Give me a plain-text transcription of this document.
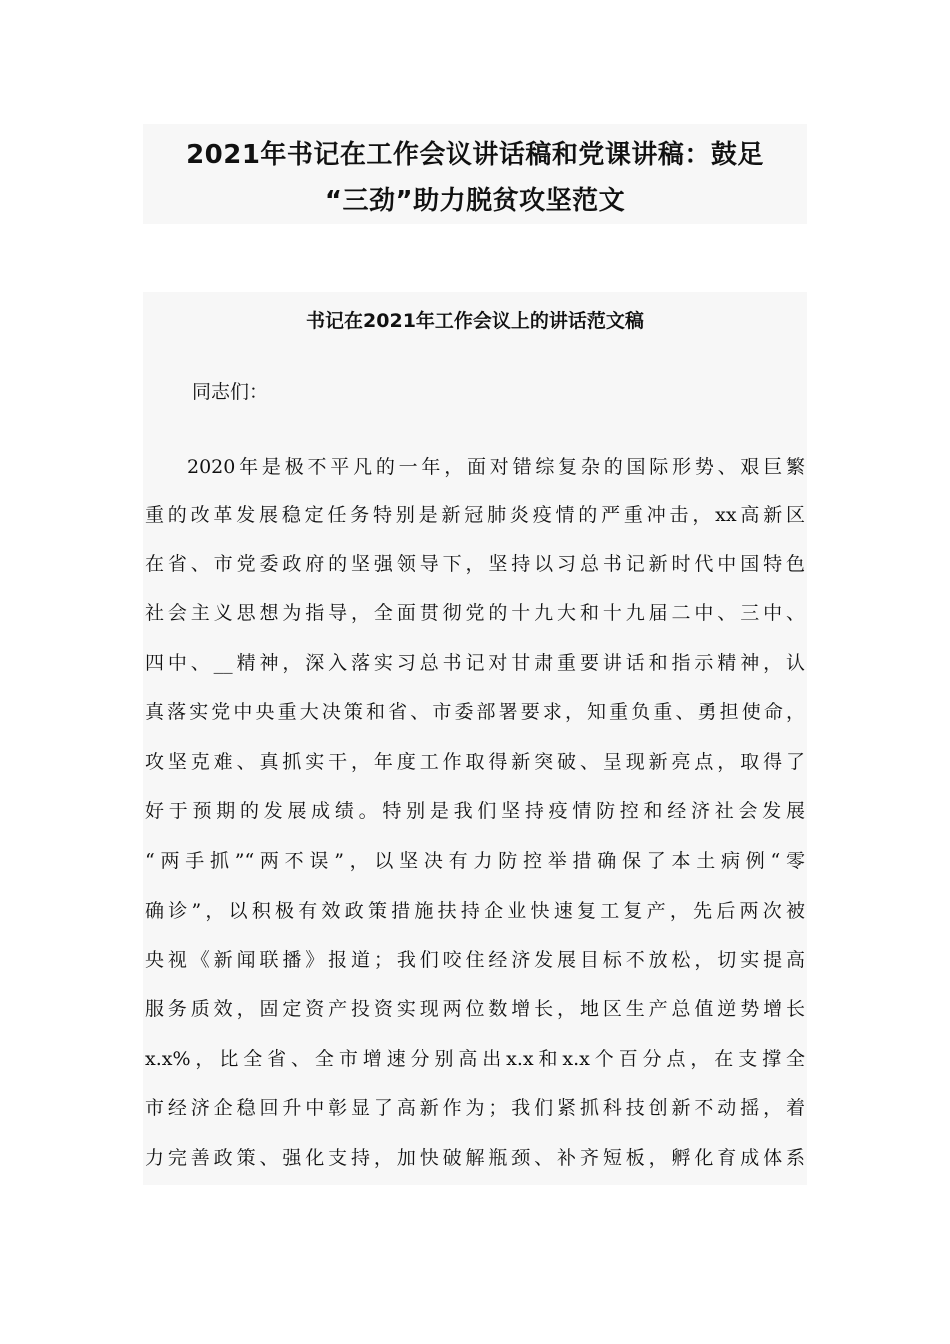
2021年书记在工作会议讲话稿和党课讲稿：鼓足
“三劲”助力脱贫攻坚范文

书记在2021年工作会议上的讲话范文稿

同志们：

2020年是极不平凡的一年，面对错综复杂的国际形势、艰巨繁

重的改革发展稳定任务特别是新冠肺炎疫情的严重冲击，xx高新区

在省、市党委政府的坚强领导下，坚持以习总书记新时代中国特色

社会主义思想为指导，全面贯彻党的十九大和十九届二中、三中、

四中、__精神，深入落实习总书记对甘肃重要讲话和指示精神，认

真落实党中央重大决策和省、市委部署要求，知重负重、勇担使命，

攻坚克难、真抓实干，年度工作取得新突破、呈现新亮点，取得了

好于预期的发展成绩。特别是我们坚持疫情防控和经济社会发展

“两手抓”“两不误”，以坚决有力防控举措确保了本土病例“零

确诊”，以积极有效政策措施扶持企业快速复工复产，先后两次被

央视《新闻联播》报道；我们咬住经济发展目标不放松，切实提高

服务质效，固定资产投资实现两位数增长，地区生产总值逆势增长

x.x%，比全省、全市增速分别高出x.x和x.x个百分点，在支撑全

市经济企稳回升中彰显了高新作为；我们紧抓科技创新不动摇，着

力完善政策、强化支持，加快破解瓶颈、补齐短板，孵化育成体系
